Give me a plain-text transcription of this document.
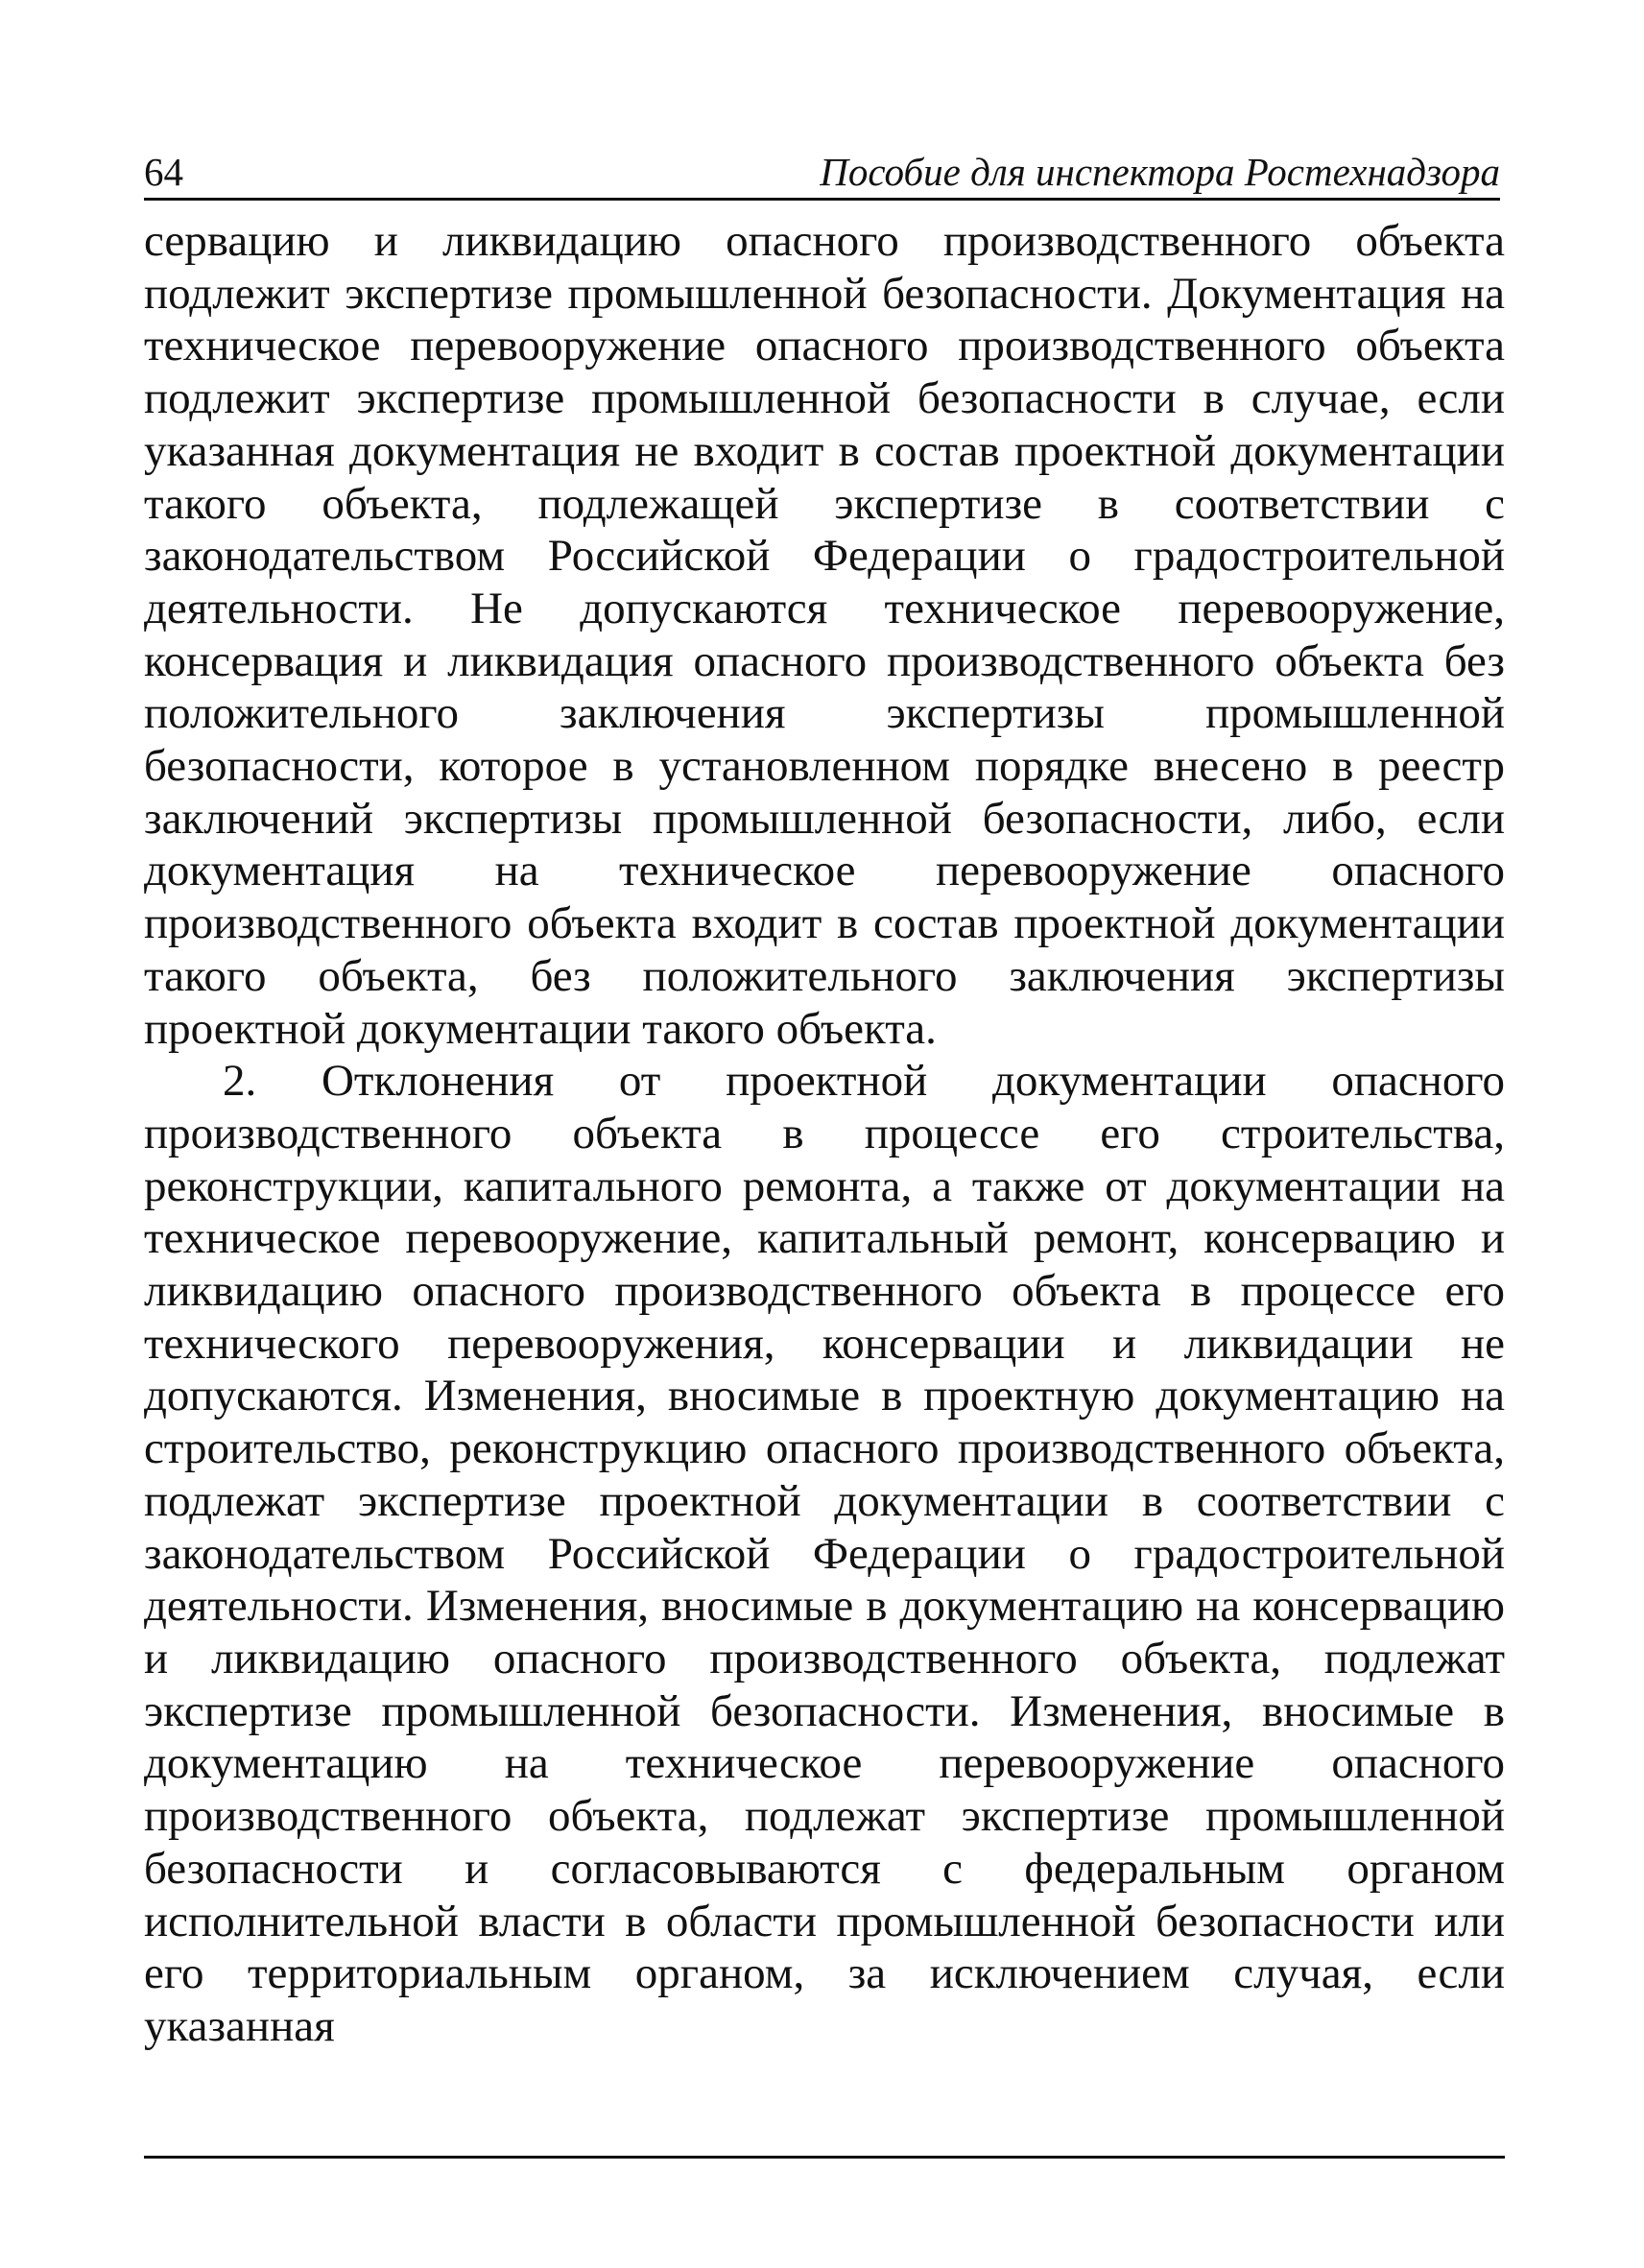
64	Пособие для инспектора Ростехнадзора

сервацию и ликвидацию опасного производственного объекта подлежит экспертизе промышленной безопасности. Документация на техническое перевооружение опасного производственного объекта подлежит экспертизе промышленной безопасности в случае, если указанная документация не входит в состав проектной документации такого объекта, подлежащей экспертизе в соответствии с законодательством Российской Федерации о градостроительной деятельности. Не допускаются техническое перевооружение, консервация и ликвидация опасного производственного объекта без положительного заключения экспертизы промышленной безопасности, которое в установленном порядке внесено в реестр заключений экспертизы промышленной безопасности, либо, если документация на техническое перевооружение опасного производственного объекта входит в состав проектной документации такого объекта, без положительного заключения экспертизы проектной документации такого объекта.

2. Отклонения от проектной документации опасного производственного объекта в процессе его строительства, реконструкции, капитального ремонта, а также от документации на техническое перевооружение, капитальный ремонт, консервацию и ликвидацию опасного производственного объекта в процессе его технического перевооружения, консервации и ликвидации не допускаются. Изменения, вносимые в проектную документацию на строительство, реконструкцию опасного производственного объекта, подлежат экспертизе проектной документации в соответствии с законодательством Российской Федерации о градостроительной деятельности. Изменения, вносимые в документацию на консервацию и ликвидацию опасного производственного объекта, подлежат экспертизе промышленной безопасности. Изменения, вносимые в документацию на техническое перевооружение опасного производственного объекта, подлежат экспертизе промышленной безопасности и согласовываются с федеральным органом исполнительной власти в области промышленной безопасности или его территориальным органом, за исключением случая, если указанная
